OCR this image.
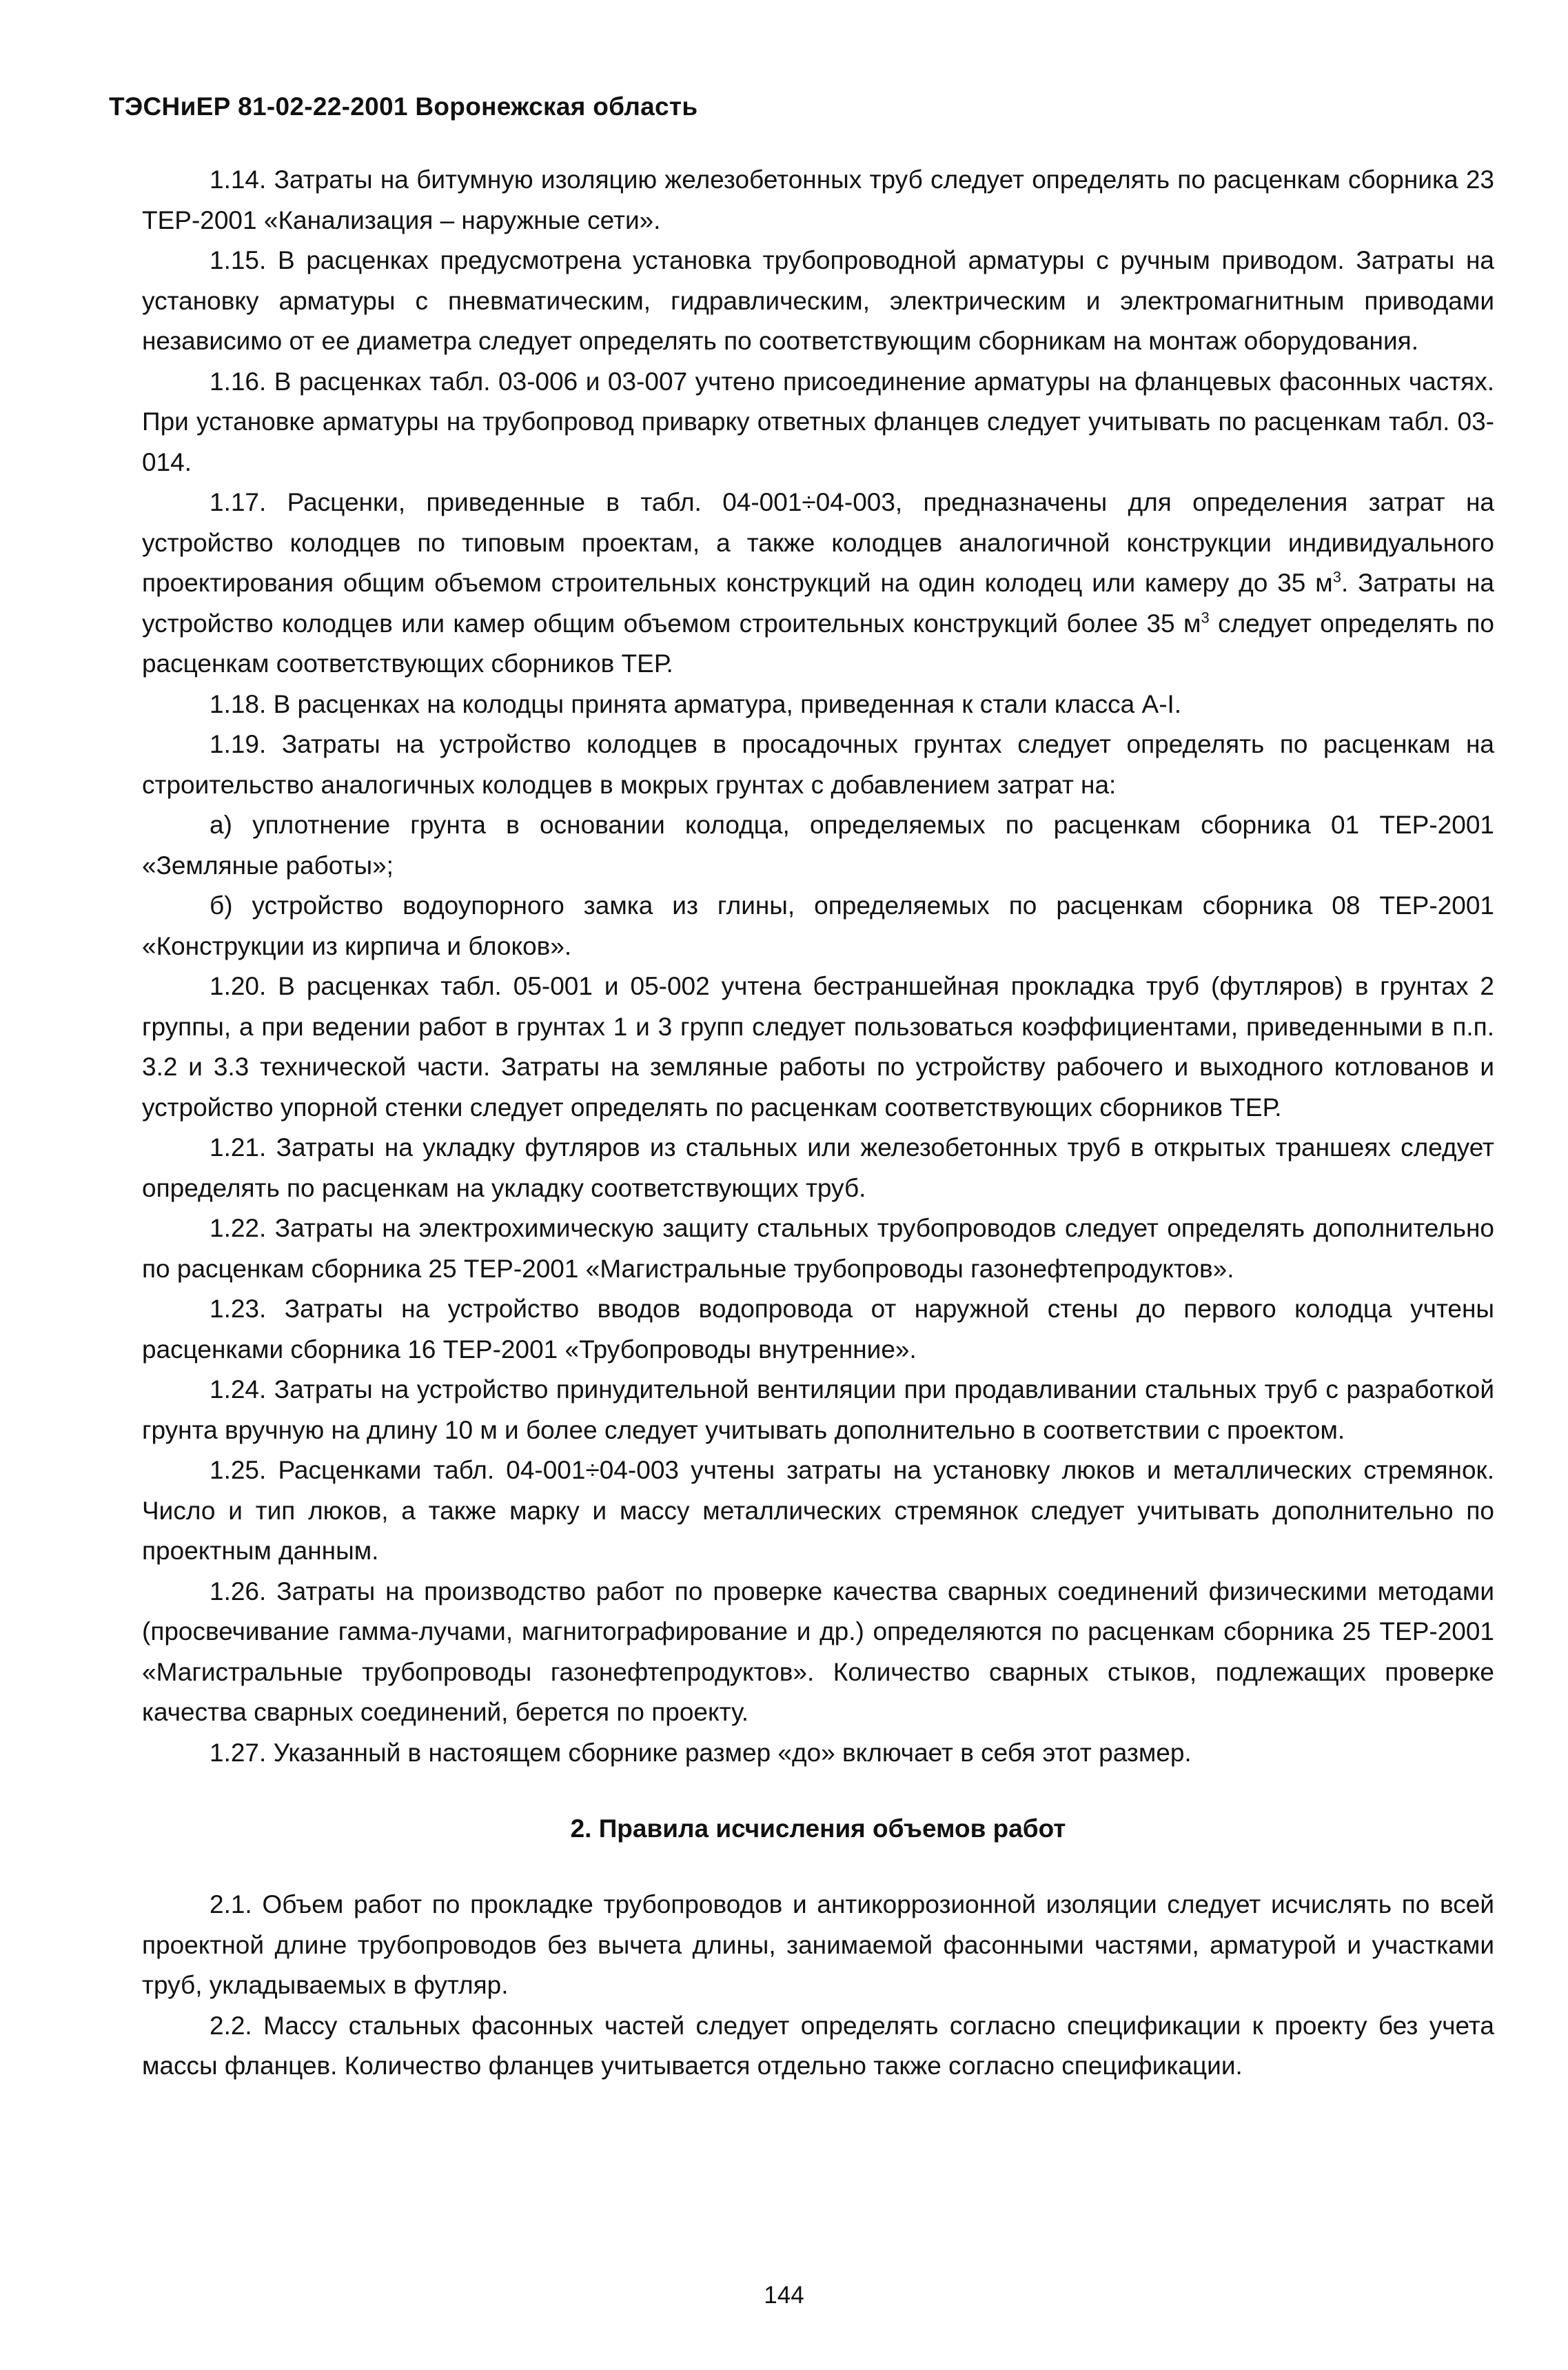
ТЭСНиЕР 81-02-22-2001 Воронежская область

1.14. Затраты на битумную изоляцию железобетонных труб следует определять по расценкам сборника 23 ТЕР-2001 «Канализация – наружные сети».

1.15. В расценках предусмотрена установка трубопроводной арматуры с ручным приводом. Затраты на установку арматуры с пневматическим, гидравлическим, электрическим и электромагнитным приводами независимо от ее диаметра следует определять по соответствующим сборникам на монтаж оборудования.

1.16. В расценках табл. 03-006 и 03-007 учтено присоединение арматуры на фланцевых фасонных частях. При установке арматуры на трубопровод приварку ответных фланцев следует учитывать по расценкам табл. 03-014.

1.17. Расценки, приведенные в табл. 04-001÷04-003, предназначены для определения затрат на устройство колодцев по типовым проектам, а также колодцев аналогичной конструкции индивидуального проектирования общим объемом строительных конструкций на один колодец или камеру до 35 $м^3$. Затраты на устройство колодцев или камер общим объемом строительных конструкций более 35 $м^3$ следует определять по расценкам соответствующих сборников ТЕР.

1.18. В расценках на колодцы принята арматура, приведенная к стали класса А-I.

1.19. Затраты на устройство колодцев в просадочных грунтах следует определять по расценкам на строительство аналогичных колодцев в мокрых грунтах с добавлением затрат на:

а) уплотнение грунта в основании колодца, определяемых по расценкам сборника 01 ТЕР-2001 «Земляные работы»;

б) устройство водоупорного замка из глины, определяемых по расценкам сборника 08 ТЕР-2001 «Конструкции из кирпича и блоков».

1.20. В расценках табл. 05-001 и 05-002 учтена бестраншейная прокладка труб (футляров) в грунтах 2 группы, а при ведении работ в грунтах 1 и 3 групп следует пользоваться коэффициентами, приведенными в п.п. 3.2 и 3.3 технической части. Затраты на земляные работы по устройству рабочего и выходного котлованов и устройство упорной стенки следует определять по расценкам соответствующих сборников ТЕР.

1.21. Затраты на укладку футляров из стальных или железобетонных труб в открытых траншеях следует определять по расценкам на укладку соответствующих труб.

1.22. Затраты на электрохимическую защиту стальных трубопроводов следует определять дополнительно по расценкам сборника 25 ТЕР-2001 «Магистральные трубопроводы газонефтепродуктов».

1.23. Затраты на устройство вводов водопровода от наружной стены до первого колодца учтены расценками сборника 16 ТЕР-2001 «Трубопроводы внутренние».

1.24. Затраты на устройство принудительной вентиляции при продавливании стальных труб с разработкой грунта вручную на длину 10 м и более следует учитывать дополнительно в соответствии с проектом.

1.25. Расценками табл. 04-001÷04-003 учтены затраты на установку люков и металлических стремянок. Число и тип люков, а также марку и массу металлических стремянок следует учитывать дополнительно по проектным данным.

1.26. Затраты на производство работ по проверке качества сварных соединений физическими методами (просвечивание гамма-лучами, магнитографирование и др.) определяются по расценкам сборника 25 ТЕР-2001 «Магистральные трубопроводы газонефтепродуктов». Количество сварных стыков, подлежащих проверке качества сварных соединений, берется по проекту.

1.27. Указанный в настоящем сборнике размер «до» включает в себя этот размер.

2. Правила исчисления объемов работ

2.1. Объем работ по прокладке трубопроводов и антикоррозионной изоляции следует исчислять по всей проектной длине трубопроводов без вычета длины, занимаемой фасонными частями, арматурой и участками труб, укладываемых в футляр.

2.2. Массу стальных фасонных частей следует определять согласно спецификации к проекту без учета массы фланцев. Количество фланцев учитывается отдельно также согласно спецификации.

144
